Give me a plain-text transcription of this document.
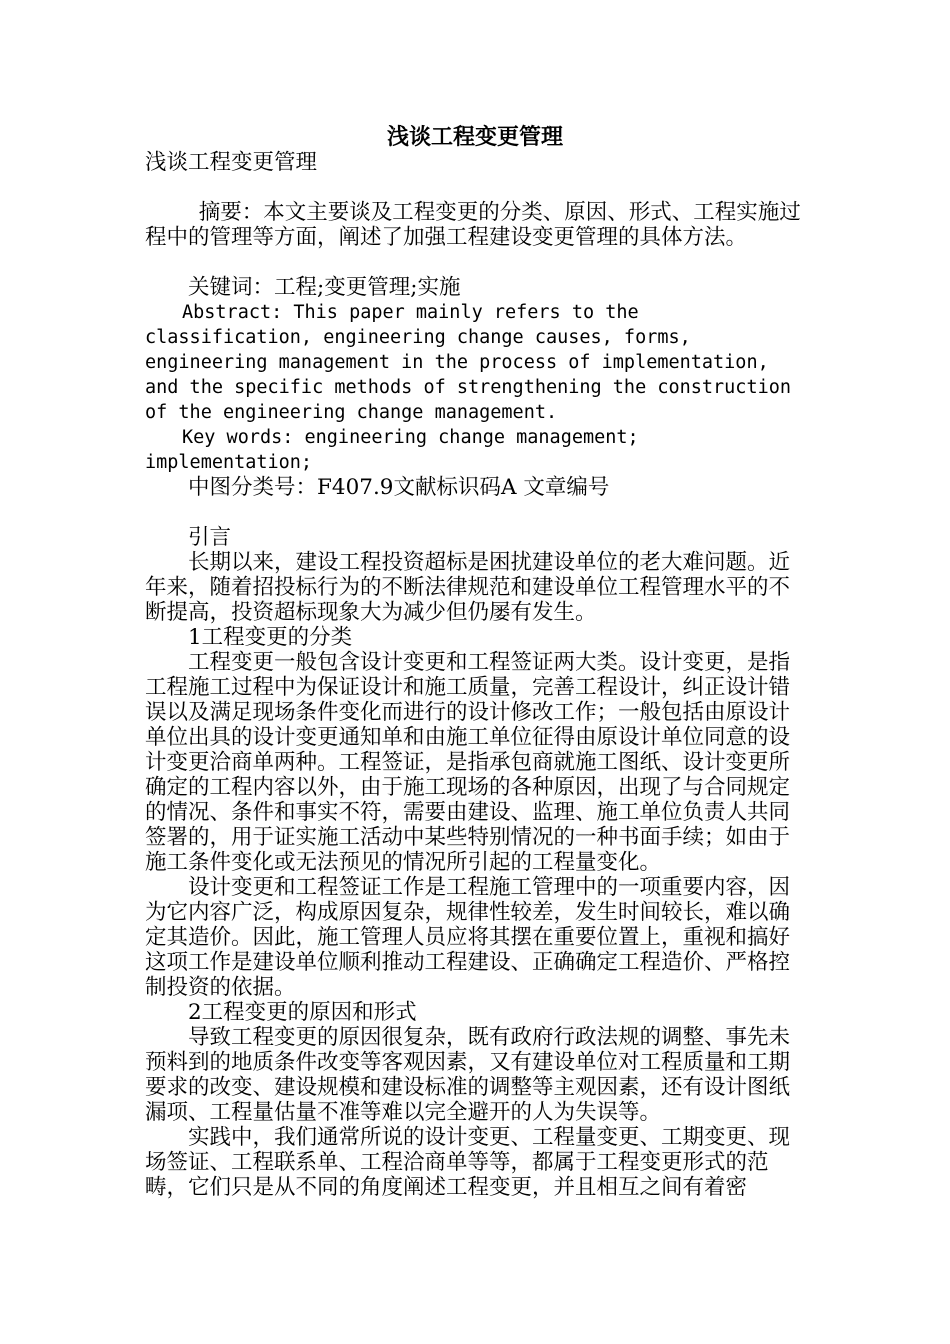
浅谈工程变更管理

浅谈工程变更管理

摘要：本文主要谈及工程变更的分类、原因、形式、工程实施过程中的管理等方面，阐述了加强工程建设变更管理的具体方法。

关键词：工程;变更管理;实施

Abstract: This paper mainly refers to the classification, engineering change causes, forms, engineering management in the process of implementation, and the specific methods of strengthening the construction of the engineering change management.

Key words: engineering change management; implementation;

中图分类号：F407.9文献标识码A 文章编号

引言

长期以来，建设工程投资超标是困扰建设单位的老大难问题。近年来，随着招投标行为的不断法律规范和建设单位工程管理水平的不断提高，投资超标现象大为减少但仍屡有发生。

1工程变更的分类

工程变更一般包含设计变更和工程签证两大类。设计变更，是指工程施工过程中为保证设计和施工质量，完善工程设计，纠正设计错误以及满足现场条件变化而进行的设计修改工作；一般包括由原设计单位出具的设计变更通知单和由施工单位征得由原设计单位同意的设计变更洽商单两种。工程签证，是指承包商就施工图纸、设计变更所确定的工程内容以外，由于施工现场的各种原因，出现了与合同规定的情况、条件和事实不符，需要由建设、监理、施工单位负责人共同签署的，用于证实施工活动中某些特别情况的一种书面手续；如由于施工条件变化或无法预见的情况所引起的工程量变化。

设计变更和工程签证工作是工程施工管理中的一项重要内容，因为它内容广泛，构成原因复杂，规律性较差，发生时间较长，难以确定其造价。因此，施工管理人员应将其摆在重要位置上，重视和搞好这项工作是建设单位顺利推动工程建设、正确确定工程造价、严格控制投资的依据。

2工程变更的原因和形式

导致工程变更的原因很复杂，既有政府行政法规的调整、事先未预料到的地质条件改变等客观因素，又有建设单位对工程质量和工期要求的改变、建设规模和建设标准的调整等主观因素，还有设计图纸漏项、工程量估量不准等难以完全避开的人为失误等。

实践中，我们通常所说的设计变更、工程量变更、工期变更、现场签证、工程联系单、工程洽商单等等，都属于工程变更形式的范畴，它们只是从不同的角度阐述工程变更，并且相互之间有着密
